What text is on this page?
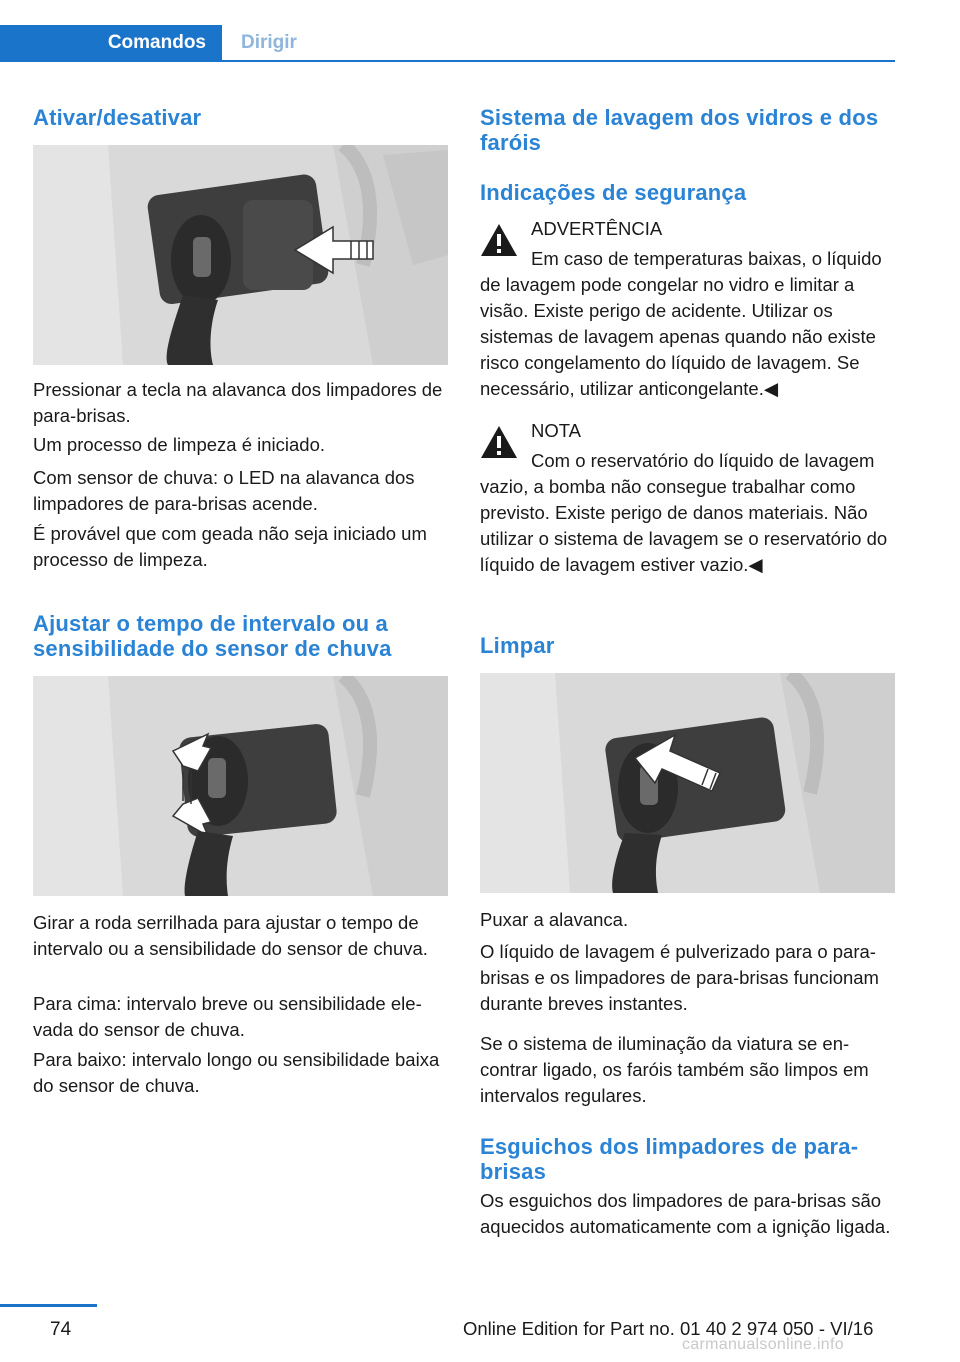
Comandos	Dirigir
Ativar/desativar

Pressionar a tecla na alavanca dos limpadores de para-brisas.

Um processo de limpeza é iniciado.

Com sensor de chuva: o LED na alavanca dos limpadores de para-brisas acende.

É provável que com geada não seja iniciado um processo de limpeza.

Ajustar o tempo de intervalo ou a
sensibilidade do sensor de chuva

Girar a roda serrilhada para ajustar o tempo de intervalo ou a sensibilidade do sensor de chuva.

Para cima: intervalo breve ou sensibilidade elevada do sensor de chuva.

Para baixo: intervalo longo ou sensibilidade baixa do sensor de chuva.

Sistema de lavagem dos vidros e dos
faróis
Indicações de segurança
ADVERTÊNCIA

Em caso de temperaturas baixas, o líquido de lavagem pode congelar no vidro e limitar a visão. Existe perigo de acidente. Utilizar os sistemas de lavagem apenas quando não existe risco congelamento do líquido de lavagem. Se necessário, utilizar anticongelante.◀

NOTA

Com o reservatório do líquido de lavagem vazio, a bomba não consegue trabalhar como previsto. Existe perigo de danos materiais. Não utilizar o sistema de lavagem se o reservatório do líquido de lavagem estiver vazio.◀

Limpar

Puxar a alavanca.

O líquido de lavagem é pulverizado para o para-brisas e os limpadores de para-brisas funcionam durante breves instantes.

Se o sistema de iluminação da viatura se encontrar ligado, os faróis também são limpos em intervalos regulares.

Esguichos dos limpadores de para-
brisas

Os esguichos dos limpadores de para-brisas são aquecidos automaticamente com a ignição ligada.

74	Online Edition for Part no. 01 40 2 974 050 - VI/16
carmanualsonline.info
